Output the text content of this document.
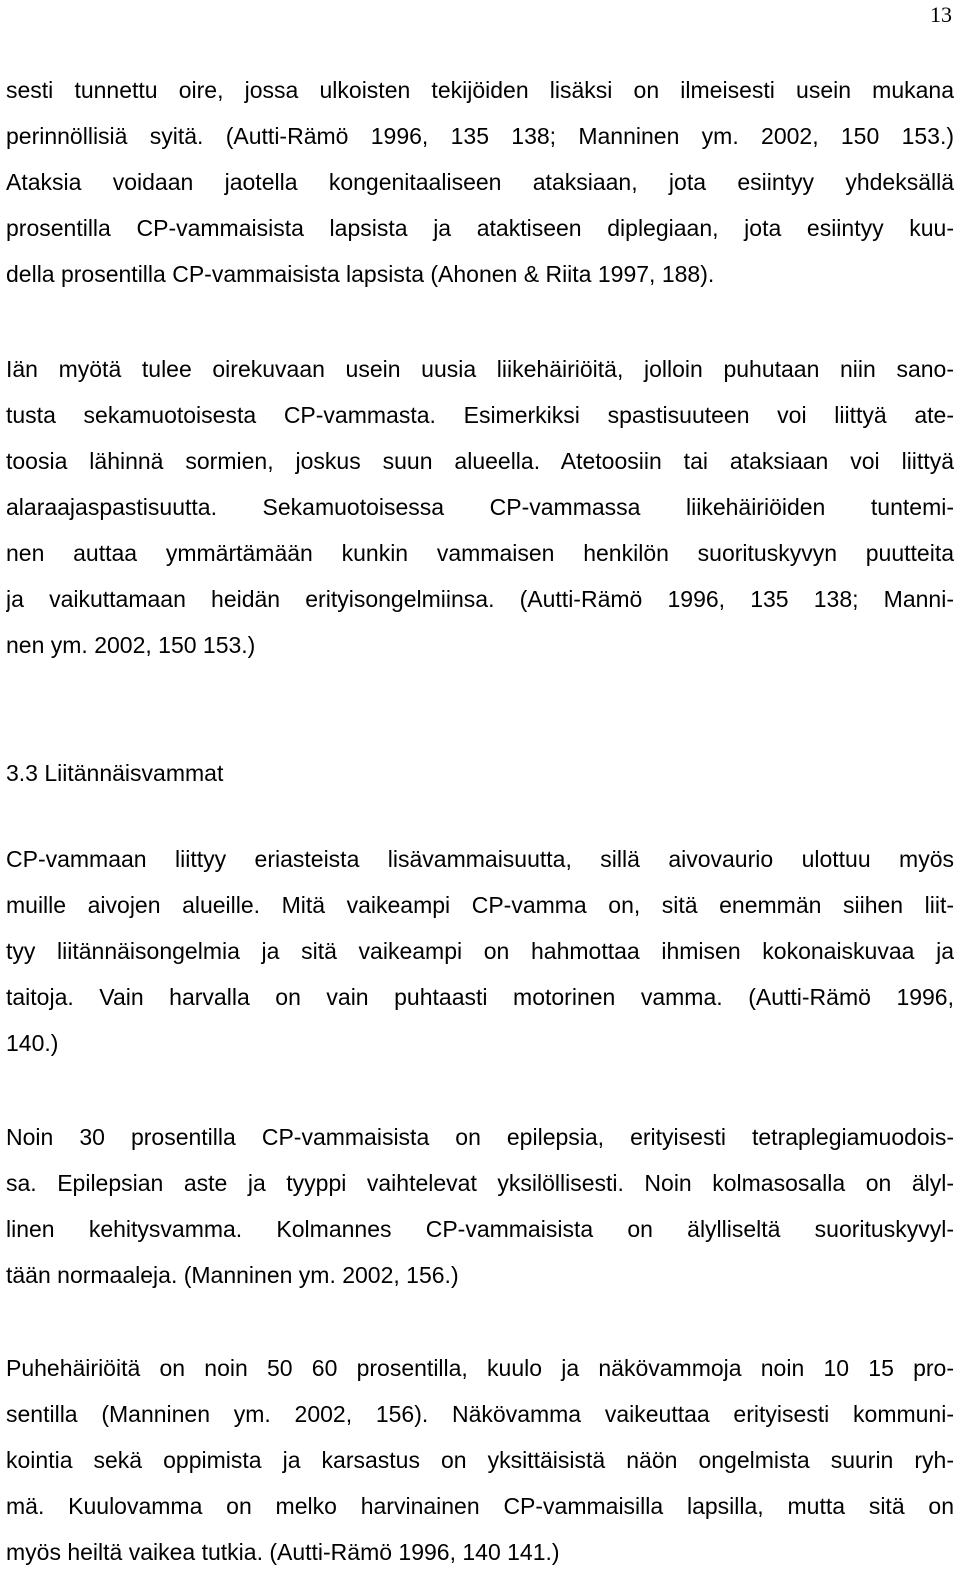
13
sesti tunnettu oire, jossa ulkoisten tekijöiden lisäksi on ilmeisesti usein mukana
perinnöllisiä syitä. (Autti-Rämö 1996, 135 138; Manninen ym. 2002, 150 153.)
Ataksia voidaan jaotella kongenitaaliseen ataksiaan, jota esiintyy yhdeksällä
prosentilla CP-vammaisista lapsista ja ataktiseen diplegiaan, jota esiintyy kuu-
della prosentilla CP-vammaisista lapsista (Ahonen & Riita 1997, 188).
Iän myötä tulee oirekuvaan usein uusia liikehäiriöitä, jolloin puhutaan niin sano-
tusta sekamuotoisesta CP-vammasta. Esimerkiksi spastisuuteen voi liittyä ate-
toosia lähinnä sormien, joskus suun alueella. Atetoosiin tai ataksiaan voi liittyä
alaraajaspastisuutta. Sekamuotoisessa CP-vammassa liikehäiriöiden tuntemi-
nen auttaa ymmärtämään kunkin vammaisen henkilön suorituskyvyn puutteita
ja vaikuttamaan heidän erityisongelmiinsa. (Autti-Rämö 1996, 135 138; Manni-
nen ym. 2002, 150 153.)
3.3 Liitännäisvammat
CP-vammaan liittyy eriasteista lisävammaisuutta, sillä aivovaurio ulottuu myös
muille aivojen alueille. Mitä vaikeampi CP-vamma on, sitä enemmän siihen liit-
tyy liitännäisongelmia ja sitä vaikeampi on hahmottaa ihmisen kokonaiskuvaa ja
taitoja. Vain harvalla on vain puhtaasti motorinen vamma. (Autti-Rämö 1996,
140.)
Noin 30 prosentilla CP-vammaisista on epilepsia, erityisesti tetraplegiamuodois-
sa. Epilepsian aste ja tyyppi vaihtelevat yksilöllisesti. Noin kolmasosalla on älyl-
linen kehitysvamma. Kolmannes CP-vammaisista on älylliseltä suorituskyvyl-
tään normaaleja. (Manninen ym. 2002, 156.)
Puhehäiriöitä on noin 50 60 prosentilla, kuulo ja näkövammoja noin 10 15 pro-
sentilla (Manninen ym. 2002, 156). Näkövamma vaikeuttaa erityisesti kommuni-
kointia sekä oppimista ja karsastus on yksittäisistä näön ongelmista suurin ryh-
mä. Kuulovamma on melko harvinainen CP-vammaisilla lapsilla, mutta sitä on
myös heiltä vaikea tutkia. (Autti-Rämö 1996, 140 141.)
